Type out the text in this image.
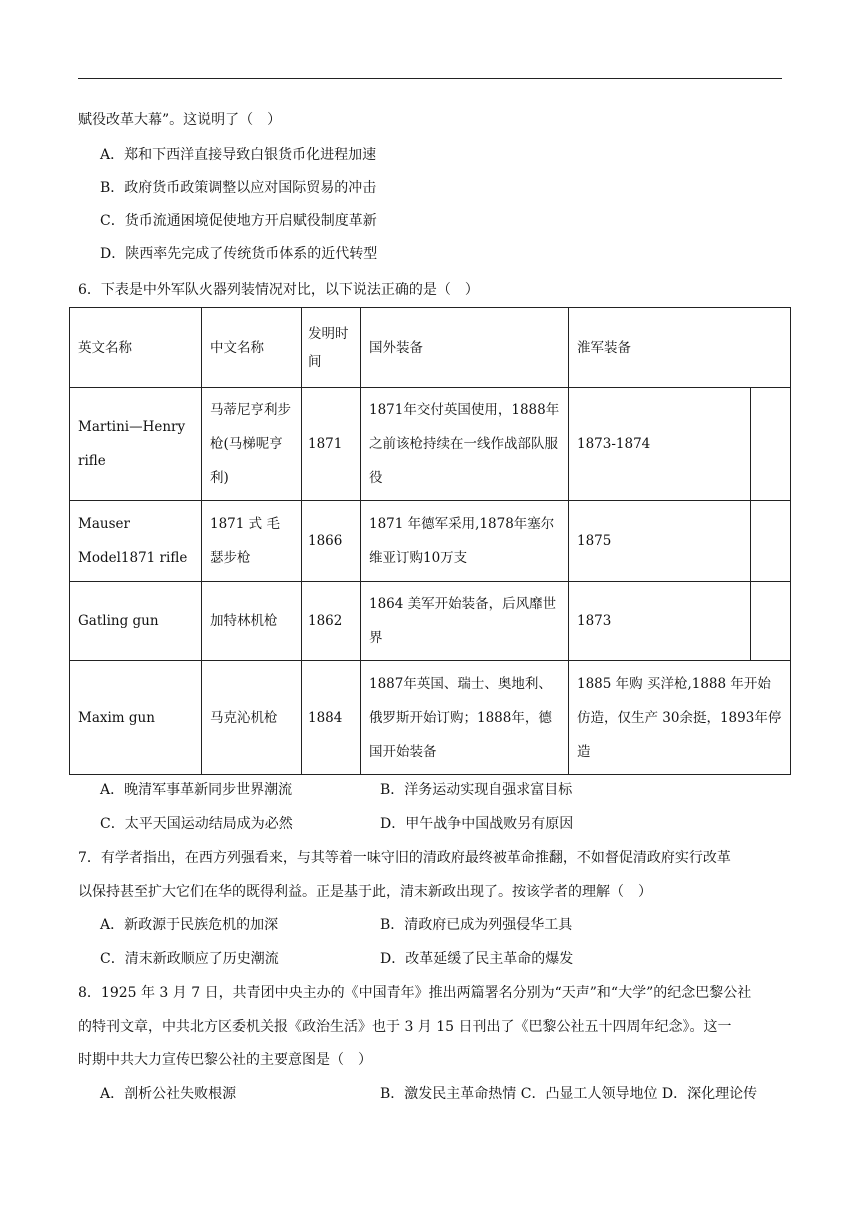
赋役改革大幕”。这说明了（　）
A．郑和下西洋直接导致白银货币化进程加速
B．政府货币政策调整以应对国际贸易的冲击
C．货币流通困境促使地方开启赋役制度革新
D．陕西率先完成了传统货币体系的近代转型
6．下表是中外军队火器列装情况对比，以下说法正确的是（　）
英文名称	中文名称	发明时间	国外装备	淮军装备	
Martini—Henry rifle	马蒂尼亨利步枪(马梯呢亨利)	1871	1871年交付英国使用，1888年之前该枪持续在一线作战部队服役	1873-1874	
Mauser Model1871 rifle	1871 式 毛瑟步枪	1866	1871 年德军采用,1878年塞尔维亚订购10万支	1875	
Gatling gun	加特林机枪	1862	1864 美军开始装备，后风靡世界	1873	
Maxim gun	马克沁机枪	1884	1887年英国、瑞士、奥地利、俄罗斯开始订购；1888年，德国开始装备	1885 年购 买洋枪,1888 年开始仿造，仅生产 30余挺，1893年停造	
A．晚清军事革新同步世界潮流	B．洋务运动实现自强求富目标
C．太平天国运动结局成为必然	D．甲午战争中国战败另有原因
7．有学者指出，在西方列强看来，与其等着一味守旧的清政府最终被革命推翻，不如督促清政府实行改革
以保持甚至扩大它们在华的既得利益。正是基于此，清末新政出现了。按该学者的理解（　）
A．新政源于民族危机的加深	B．清政府已成为列强侵华工具
C．清末新政顺应了历史潮流	D．改革延缓了民主革命的爆发
8．1925 年 3 月 7 日，共青团中央主办的《中国青年》推出两篇署名分别为“天声”和“大学”的纪念巴黎公社
的特刊文章，中共北方区委机关报《政治生活》也于 3 月 15 日刊出了《巴黎公社五十四周年纪念》。这一
时期中共大力宣传巴黎公社的主要意图是（　）
A．剖析公社失败根源	B．激发民主革命热情 C．凸显工人领导地位 D．深化理论传
